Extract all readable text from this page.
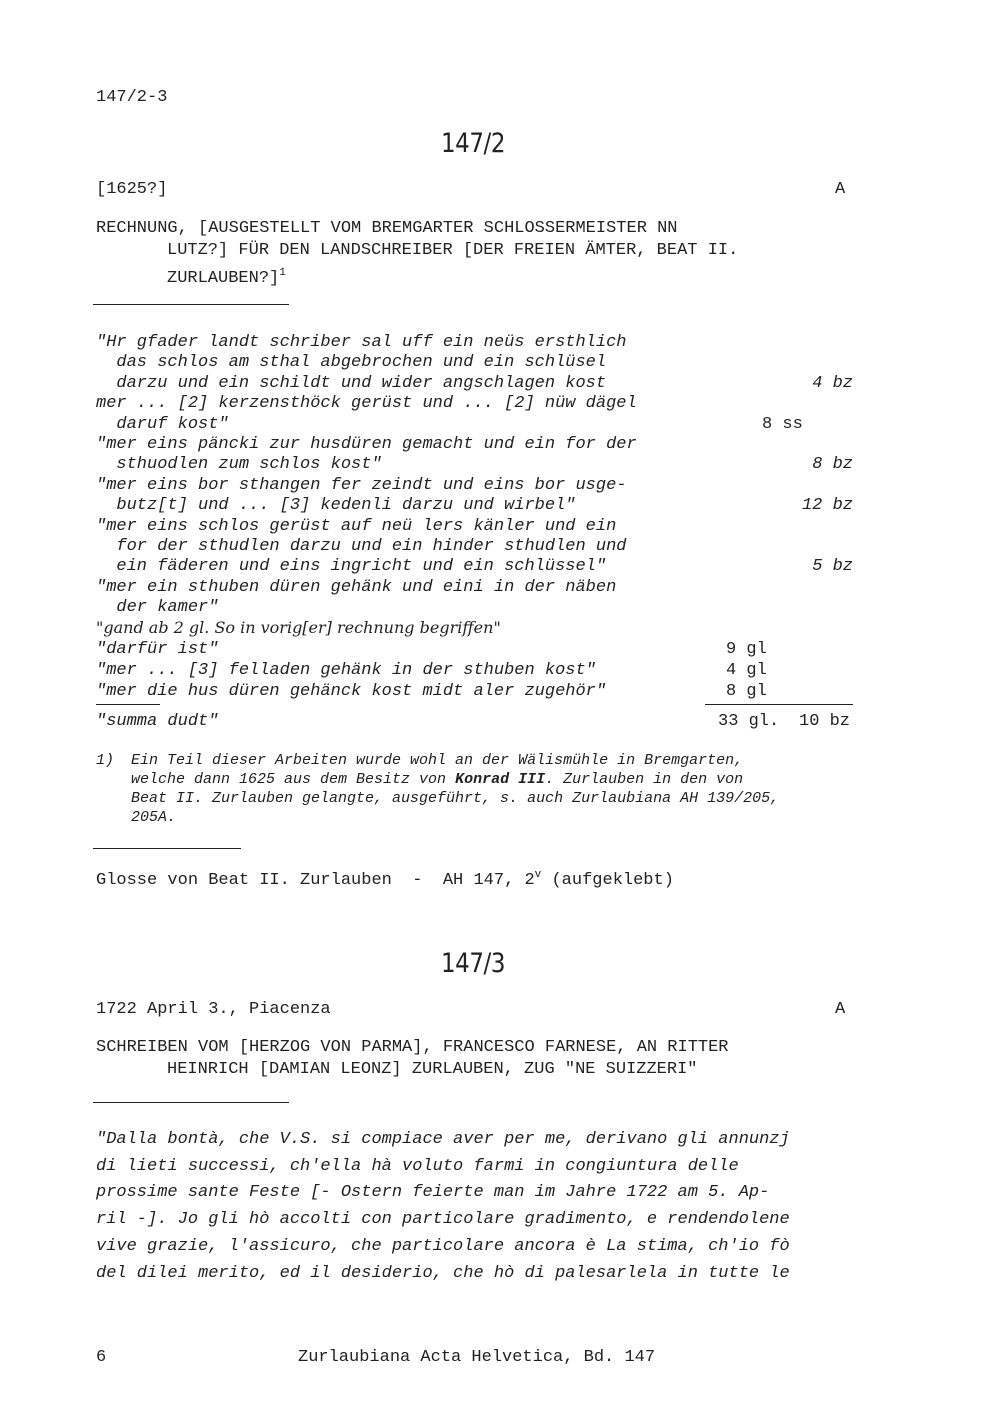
147/2-3
147/2
[1625?]	A
RECHNUNG, [AUSGESTELLT VOM BREMGARTER SCHLOSSERMEISTER NN
LUTZ?] FÜR DEN LANDSCHREIBER [DER FREIEN ÄMTER, BEAT II.
ZURLAUBEN?]$^1$
"Hr gfader landt schriber sal uff ein neüs ersthlich
das schlos am sthal abgebrochen und ein schlüsel
darzu und ein schildt und wider angschlagen kost	4 bz
mer ... [2] kerzensthöck gerüst und ... [2] nüw dägel
daruf kost"	8 ss
"mer eins päncki zur husdüren gemacht und ein for der
sthuodlen zum schlos kost"	8 bz
"mer eins bor sthangen fer zeindt und eins bor usge-
butz[t] und ... [3] kedenli darzu und wirbel"	12 bz
"mer eins schlos gerüst auf neü lers känler und ein
for der sthudlen darzu und ein hinder sthudlen und
ein fäderen und eins ingricht und ein schlüssel"	5 bz
"mer ein sthuben düren gehänk und eini in der näben
der kamer"
"gand ab 2 gl. So in vorig[er] rechnung begriffen"
"darfür ist"	9 gl
"mer ... [3] felladen gehänk in der sthuben kost"	4 gl
"mer die hus düren gehänck kost midt aler zugehör"	8 gl
"summa dudt"	33 gl. 10 bz
1) Ein Teil dieser Arbeiten wurde wohl an der Wälismühle in Bremgarten,
welche dann 1625 aus dem Besitz von Konrad III. Zurlauben in den von
Beat II. Zurlauben gelangte, ausgeführt, s. auch Zurlaubiana AH 139/205,
205A.
Glosse von Beat II. Zurlauben  -  AH 147, 2$^v$ (aufgeklebt)
147/3
1722 April 3., Piacenza	A
SCHREIBEN VOM [HERZOG VON PARMA], FRANCESCO FARNESE, AN RITTER
HEINRICH [DAMIAN LEONZ] ZURLAUBEN, ZUG "NE SUIZZERI"
"Dalla bontà, che V.S. si compiace aver per me, derivano gli annunzj
di lieti successi, ch'ella hà voluto farmi in congiuntura delle
prossime sante Feste [- Ostern feierte man im Jahre 1722 am 5. Ap-
ril -]. Jo gli hò accolti con particolare gradimento, e rendendolene
vive grazie, l'assicuro, che particolare ancora è La stima, ch'io fò
del dilei merito, ed il desiderio, che hò di palesarlela in tutte le
6	Zurlaubiana Acta Helvetica, Bd. 147
